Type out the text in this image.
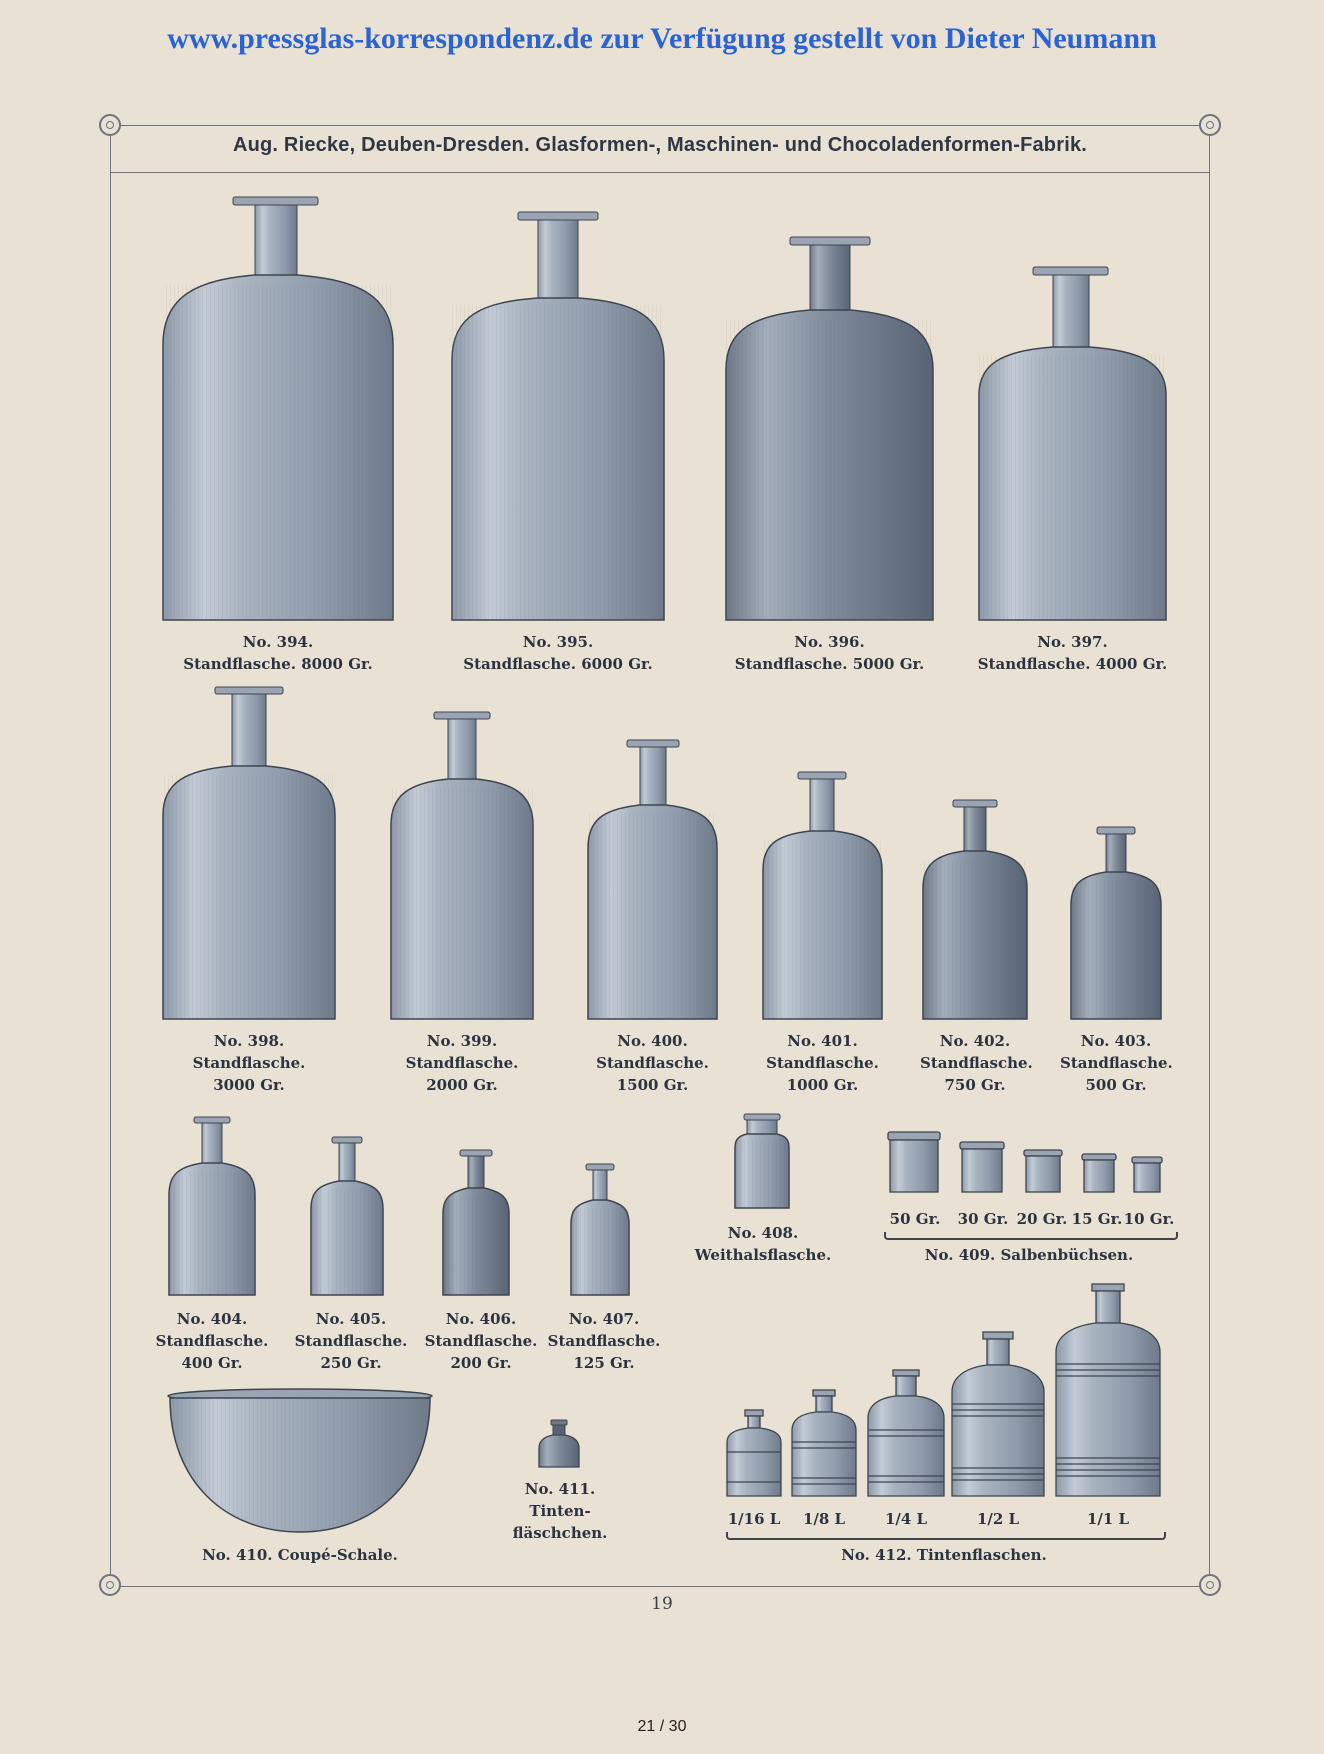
www.pressglas-korrespondenz.de zur Verfügung gestellt von Dieter Neumann
Aug. Riecke, Deuben-Dresden. Glasformen-, Maschinen- und Chocoladenformen-Fabrik.
No. 394.
Standflasche. 8000 Gr.
No. 395.
Standflasche. 6000 Gr.
No. 396.
Standflasche. 5000 Gr.
No. 397.
Standflasche. 4000 Gr.
No. 398.
Standflasche.
3000 Gr.
No. 399.
Standflasche.
2000 Gr.
No. 400.
Standflasche.
1500 Gr.
No. 401.
Standflasche.
1000 Gr.
No. 402.
Standflasche.
750 Gr.
No. 403.
Standflasche.
500 Gr.
No. 404.
Standflasche.
400 Gr.
No. 405.
Standflasche.
250 Gr.
No. 406.
Standflasche.
200 Gr.
No. 407.
Standflasche.
125 Gr.
No. 408.
Weithalsflasche.
50 Gr.	30 Gr. 20 Gr. 15 Gr. 10 Gr.
No. 409. Salbenbüchsen.
No. 410. Coupé-Schale.
No. 411.
Tinten-
fläschchen.
1/16 L	1/8 L	1/4 L	1/2 L	1/1 L
No. 412. Tintenflaschen.
19
21 / 30
